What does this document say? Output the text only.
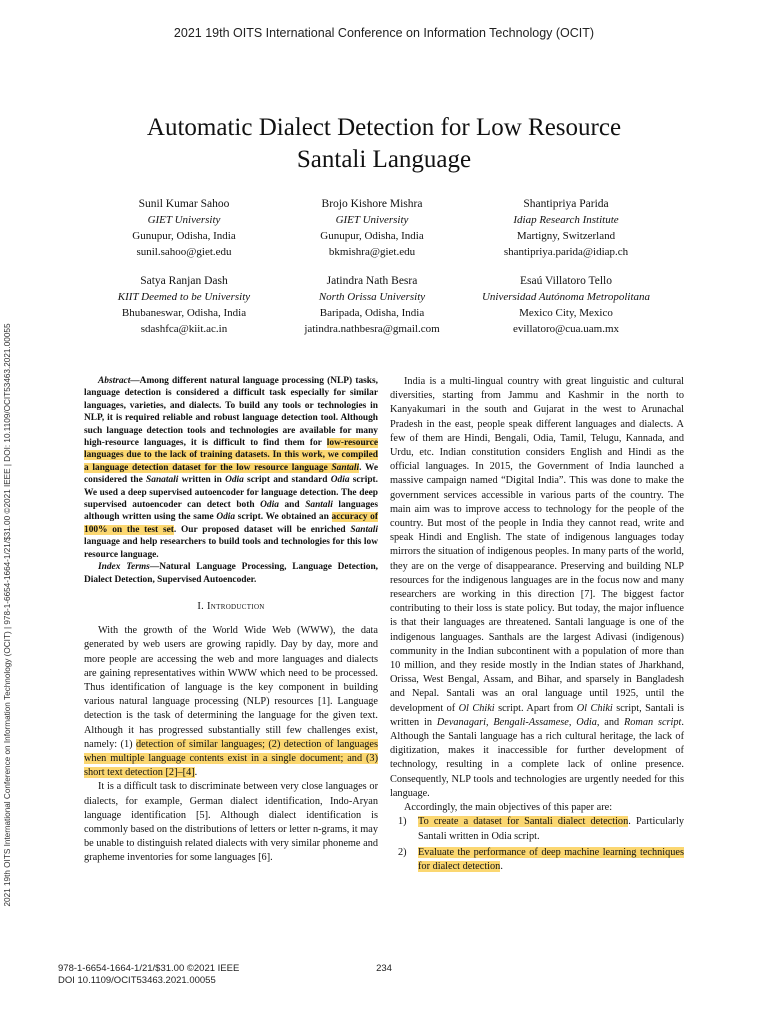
2021 19th OITS International Conference on Information Technology (OCIT)
2021 19th OITS International Conference on Information Technology (OCIT) | 978-1-6654-1664-1/21/$31.00 ©2021 IEEE | DOI: 10.1109/OCIT53463.2021.00055
Automatic Dialect Detection for Low Resource
Santali Language
Sunil Kumar Sahoo
GIET University
Gunupur, Odisha, India
sunil.sahoo@giet.edu
Brojo Kishore Mishra
GIET University
Gunupur, Odisha, India
bkmishra@giet.edu
Shantipriya Parida
Idiap Research Institute
Martigny, Switzerland
shantipriya.parida@idiap.ch
Satya Ranjan Dash
KIIT Deemed to be University
Bhubaneswar, Odisha, India
sdashfca@kiit.ac.in
Jatindra Nath Besra
North Orissa University
Baripada, Odisha, India
jatindra.nathbesra@gmail.com
Esaú Villatoro Tello
Universidad Autónoma Metropolitana
Mexico City, Mexico
evillatoro@cua.uam.mx

Abstract—Among different natural language processing (NLP) tasks, language detection is considered a difficult task especially for similar languages, varieties, and dialects. To build any tools or technologies in NLP, it is required reliable and robust language detection tool. Although such language detection tools and technologies are available for many high-resource languages, it is difficult to find them for low-resource languages due to the lack of training datasets. In this work, we compiled a language detection dataset for the low resource language Santali. We considered the Sanatali written in Odia script and standard Odia script. We used a deep supervised autoencoder for language detection. The deep supervised autoencoder can detect both Odia and Santali languages although written using the same Odia script. We obtained an accuracy of 100% on the test set. Our proposed dataset will be enriched Santali language and help researchers to build tools and technologies for this low resource language.

Index Terms—Natural Language Processing, Language Detection, Dialect Detection, Supervised Autoencoder.

I. Introduction

With the growth of the World Wide Web (WWW), the data generated by web users are growing rapidly. Day by day, more and more people are accessing the web and more languages and dialects are gaining representatives within WWW which need to be processed. Thus identification of language is the key component in building various natural language processing (NLP) resources [1]. Language detection is the task of determining the language for the given text. Although it has progressed substantially still few challenges exist, namely: (1) detection of similar languages; (2) detection of languages when multiple language contents exist in a single document; and (3) short text detection [2]–[4].

It is a difficult task to discriminate between very close languages or dialects, for example, German dialect identification, Indo-Aryan language identification [5]. Although dialect identification is commonly based on the distributions of letters or letter n-grams, it may be unable to distinguish related dialects with very similar phoneme and grapheme inventories for some languages [6].

India is a multi-lingual country with great linguistic and cultural diversities, starting from Jammu and Kashmir in the north to Kanyakumari in the south and Gujarat in the west to Arunachal Pradesh in the east, people speak different languages and dialects. A few of them are Hindi, Bengali, Odia, Tamil, Telugu, Kannada, and Urdu, etc. Indian constitution considers English and Hindi as the official languages. In 2015, the Government of India launched a massive campaign named “Digital India”. This was done to make the government services accessible in various parts of the country. The main aim was to improve access to technology for the people of the country. But most of the people in India they cannot read, write and speak Hindi and English. The state of indigenous languages today mirrors the situation of indigenous peoples. In many parts of the world, they are on the verge of disappearance. Preserving and building NLP resources for the indigenous languages are in the focus now and many researchers are working in this direction [7]. The biggest factor contributing to their loss is state policy. But today, the major influence is that their languages are threatened. Santali language is one of the indigenous languages. Santhals are the largest Adivasi (indigenous) community in the Indian subcontinent with a population of more than 10 million, and they reside mostly in the Indian states of Jharkhand, Orissa, West Bengal, Assam, and Bihar, and sparsely in Bangladesh and Nepal. Santali was an oral language until 1925, until the development of Ol Chiki script. Apart from Ol Chiki script, Santali is written in Devanagari, Bengali-Assamese, Odia, and Roman script. Although the Santali language has a rich cultural heritage, the lack of digitization, makes it inaccessible for further development of technology, resulting in a complete lack of online presence. Consequently, NLP tools and technologies are urgently needed for this language.

Accordingly, the main objectives of this paper are:

1) To create a dataset for Santali dialect detection. Particularly Santali written in Odia script.
2) Evaluate the performance of deep machine learning techniques for dialect detection.
978-1-6654-1664-1/21/$31.00 ©2021 IEEE
DOI 10.1109/OCIT53463.2021.00055
234
